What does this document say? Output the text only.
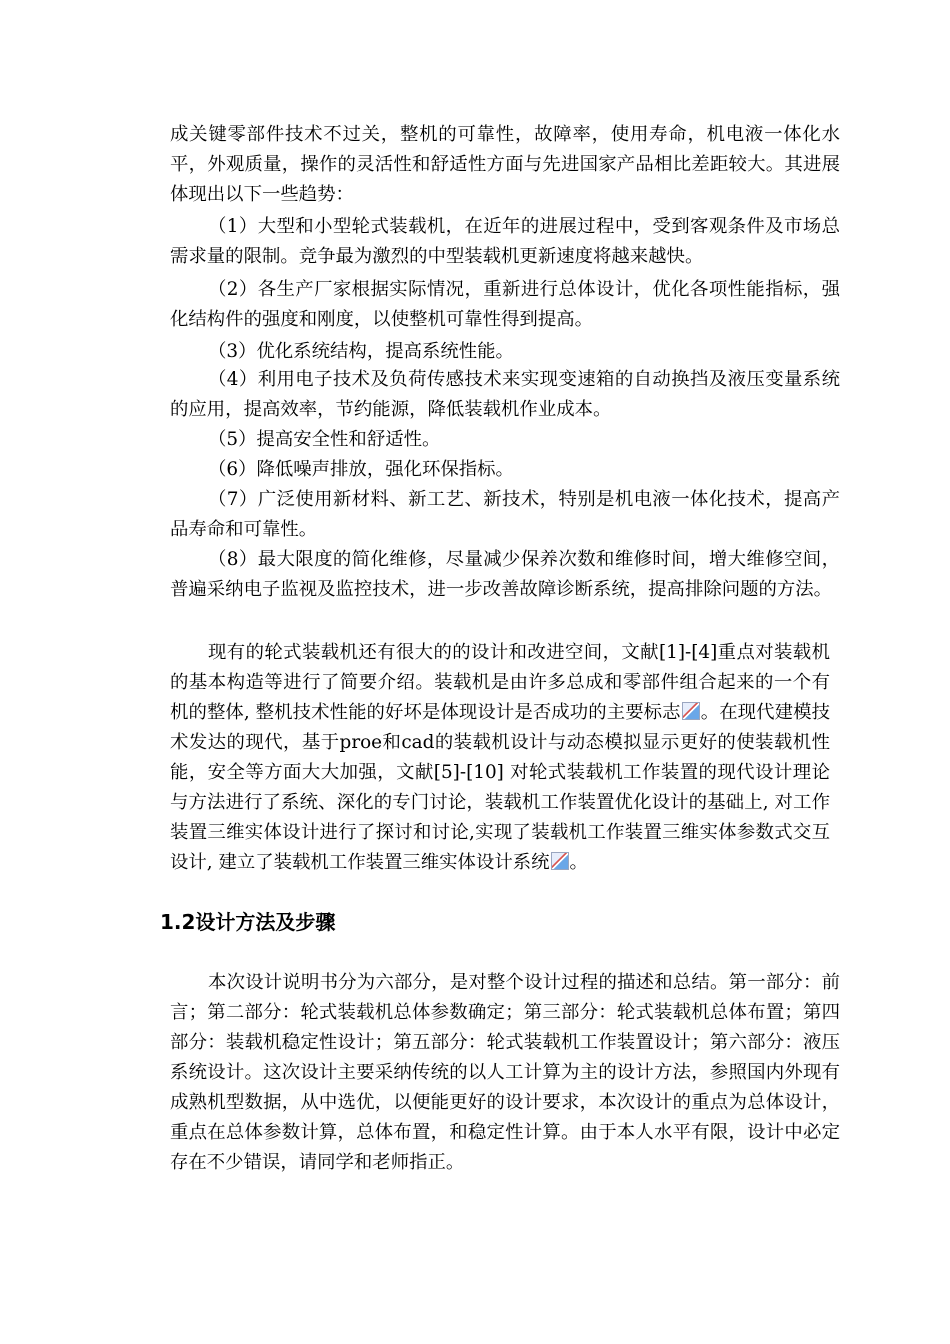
成关键零部件技术不过关，整机的可靠性，故障率，使用寿命，机电液一体化水平，外观质量，操作的灵活性和舒适性方面与先进国家产品相比差距较大。其进展体现出以下一些趋势：

（1）大型和小型轮式装载机，在近年的进展过程中，受到客观条件及市场总需求量的限制。竞争最为激烈的中型装载机更新速度将越来越快。

（2）各生产厂家根据实际情况，重新进行总体设计，优化各项性能指标，强化结构件的强度和刚度，以使整机可靠性得到提高。

（3）优化系统结构，提高系统性能。

（4）利用电子技术及负荷传感技术来实现变速箱的自动换挡及液压变量系统的应用，提高效率，节约能源，降低装载机作业成本。

（5）提高安全性和舒适性。

（6）降低噪声排放，强化环保指标。

（7）广泛使用新材料、新工艺、新技术，特别是机电液一体化技术，提高产品寿命和可靠性。

（8）最大限度的简化维修，尽量减少保养次数和维修时间，增大维修空间，普遍采纳电子监视及监控技术，进一步改善故障诊断系统，提高排除问题的方法。

现有的轮式装载机还有很大的的设计和改进空间，文献[1]-[4]重点对装载机的基本构造等进行了简要介绍。装载机是由许多总成和零部件组合起来的一个有机的整体, 整机技术性能的好坏是体现设计是否成功的主要标志 。在现代建模技术发达的现代，基于proe和cad的装载机设计与动态模拟显示更好的使装载机性能，安全等方面大大加强，文献[5]-[10] 对轮式装载机工作装置的现代设计理论与方法进行了系统、深化的专门讨论，装载机工作装置优化设计的基础上, 对工作装置三维实体设计进行了探讨和讨论,实现了装载机工作装置三维实体参数式交互设计, 建立了装载机工作装置三维实体设计系统 。

1.2设计方法及步骤

本次设计说明书分为六部分，是对整个设计过程的描述和总结。第一部分：前言；第二部分：轮式装载机总体参数确定；第三部分：轮式装载机总体布置；第四部分：装载机稳定性设计；第五部分：轮式装载机工作装置设计；第六部分：液压系统设计。这次设计主要采纳传统的以人工计算为主的设计方法，参照国内外现有成熟机型数据，从中选优，以便能更好的设计要求，本次设计的重点为总体设计，重点在总体参数计算，总体布置，和稳定性计算。由于本人水平有限，设计中必定存在不少错误，请同学和老师指正。
